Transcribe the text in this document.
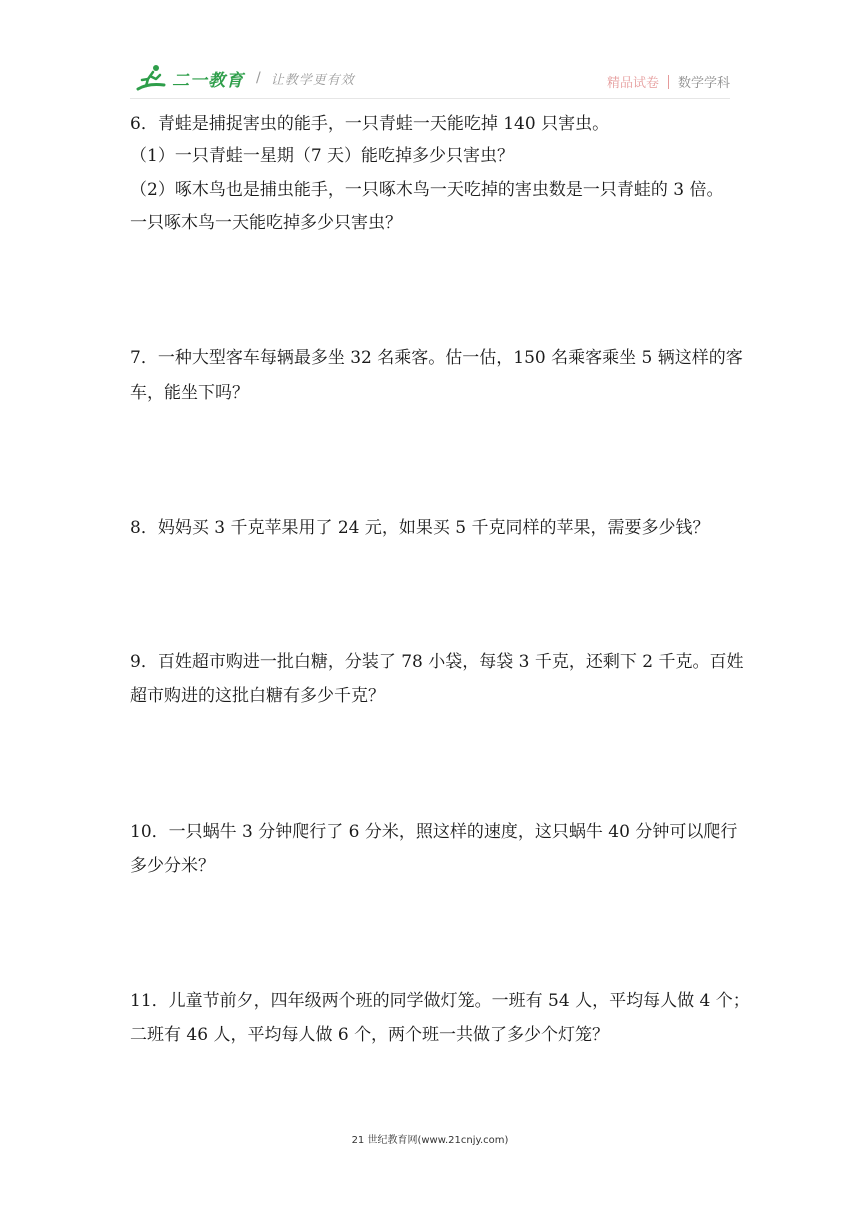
二一教育 / 让教学更有效	精品试卷 数学学科
6．青蛙是捕捉害虫的能手，一只青蛙一天能吃掉 140 只害虫。
（1）一只青蛙一星期（7 天）能吃掉多少只害虫？
（2）啄木鸟也是捕虫能手，一只啄木鸟一天吃掉的害虫数是一只青蛙的 3 倍。
一只啄木鸟一天能吃掉多少只害虫？
7．一种大型客车每辆最多坐 32 名乘客。估一估，150 名乘客乘坐 5 辆这样的客
车，能坐下吗？
8．妈妈买 3 千克苹果用了 24 元，如果买 5 千克同样的苹果，需要多少钱？
9．百姓超市购进一批白糖，分装了 78 小袋，每袋 3 千克，还剩下 2 千克。百姓
超市购进的这批白糖有多少千克？
10．一只蜗牛 3 分钟爬行了 6 分米，照这样的速度，这只蜗牛 40 分钟可以爬行
多少分米？
11．儿童节前夕，四年级两个班的同学做灯笼。一班有 54 人，平均每人做 4 个；
二班有 46 人，平均每人做 6 个，两个班一共做了多少个灯笼？
21 世纪教育网(www.21cnjy.com)
